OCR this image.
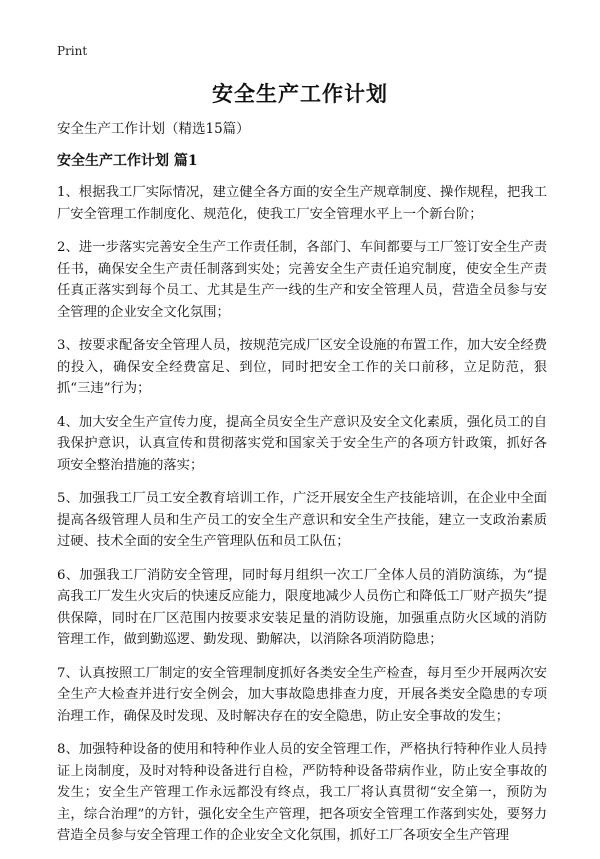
Print
安全生产工作计划
安全生产工作计划（精选15篇）
安全生产工作计划 篇1

1、根据我工厂实际情况，建立健全各方面的安全生产规章制度、操作规程，把我工厂安全管理工作制度化、规范化，使我工厂安全管理水平上一个新台阶；

2、进一步落实完善安全生产工作责任制，各部门、车间都要与工厂签订安全生产责任书，确保安全生产责任制落到实处；完善安全生产责任追究制度，使安全生产责任真正落实到每个员工、尤其是生产一线的生产和安全管理人员，营造全员参与安全管理的企业安全文化氛围；

3、按要求配备安全管理人员，按规范完成厂区安全设施的布置工作，加大安全经费的投入，确保安全经费富足、到位，同时把安全工作的关口前移，立足防范，狠抓“三违”行为；

4、加大安全生产宣传力度，提高全员安全生产意识及安全文化素质，强化员工的自我保护意识，认真宣传和贯彻落实党和国家关于安全生产的各项方针政策，抓好各项安全整治措施的落实；

5、加强我工厂员工安全教育培训工作，广泛开展安全生产技能培训，在企业中全面提高各级管理人员和生产员工的安全生产意识和安全生产技能，建立一支政治素质过硬、技术全面的安全生产管理队伍和员工队伍；

6、加强我工厂消防安全管理，同时每月组织一次工厂全体人员的消防演练，为“提高我工厂发生火灾后的快速反应能力，限度地减少人员伤亡和降低工厂财产损失”提供保障，同时在厂区范围内按要求安装足量的消防设施，加强重点防火区域的消防管理工作，做到勤巡逻、勤发现、勤解决，以消除各项消防隐患；

7、认真按照工厂制定的安全管理制度抓好各类安全生产检查，每月至少开展两次安全生产大检查并进行安全例会，加大事故隐患排查力度，开展各类安全隐患的专项治理工作，确保及时发现、及时解决存在的安全隐患，防止安全事故的发生；

8、加强特种设备的使用和特种作业人员的安全管理工作，严格执行特种作业人员持证上岗制度，及时对特种设备进行自检，严防特种设备带病作业，防止安全事故的发生；安全生产管理工作永远都没有终点，我工厂将认真贯彻“安全第一，预防为主，综合治理”的方针，强化安全生产管理，把各项安全管理工作落到实处，要努力营造全员参与安全管理工作的企业安全文化氛围，抓好工厂各项安全生产管理
